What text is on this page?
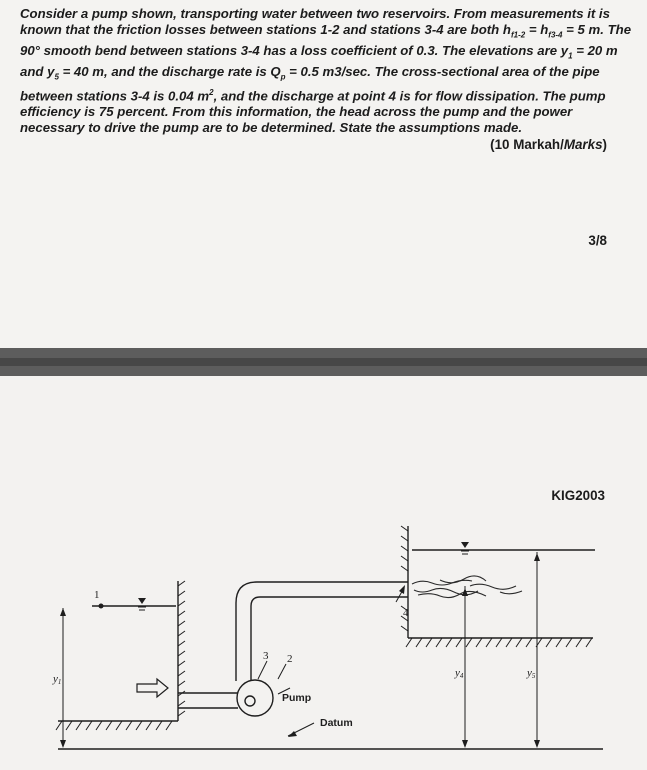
Consider a pump shown, transporting water between two reservoirs. From measurements it is known that the friction losses between stations 1-2 and stations 3-4 are both $h_{f1-2} = h_{f3-4} = 5$ m. The 90° smooth bend between stations 3-4 has a loss coefficient of 0.3. The elevations are $y_1 = 20$ m and $y_5 = 40$ m, and the discharge rate is $Q_p = 0.5$ m3/sec. The cross-sectional area of the pipe between stations 3-4 is 0.04 $m^2$, and the discharge at point 4 is for flow dissipation. The pump efficiency is 75 percent. From this information, the head across the pump and the power necessary to drive the pump are to be determined. State the assumptions made.

(10 Markah/Marks)
3/8
KIG2003
1
2
3
4
y1
y4	y5
Pump
Datum
